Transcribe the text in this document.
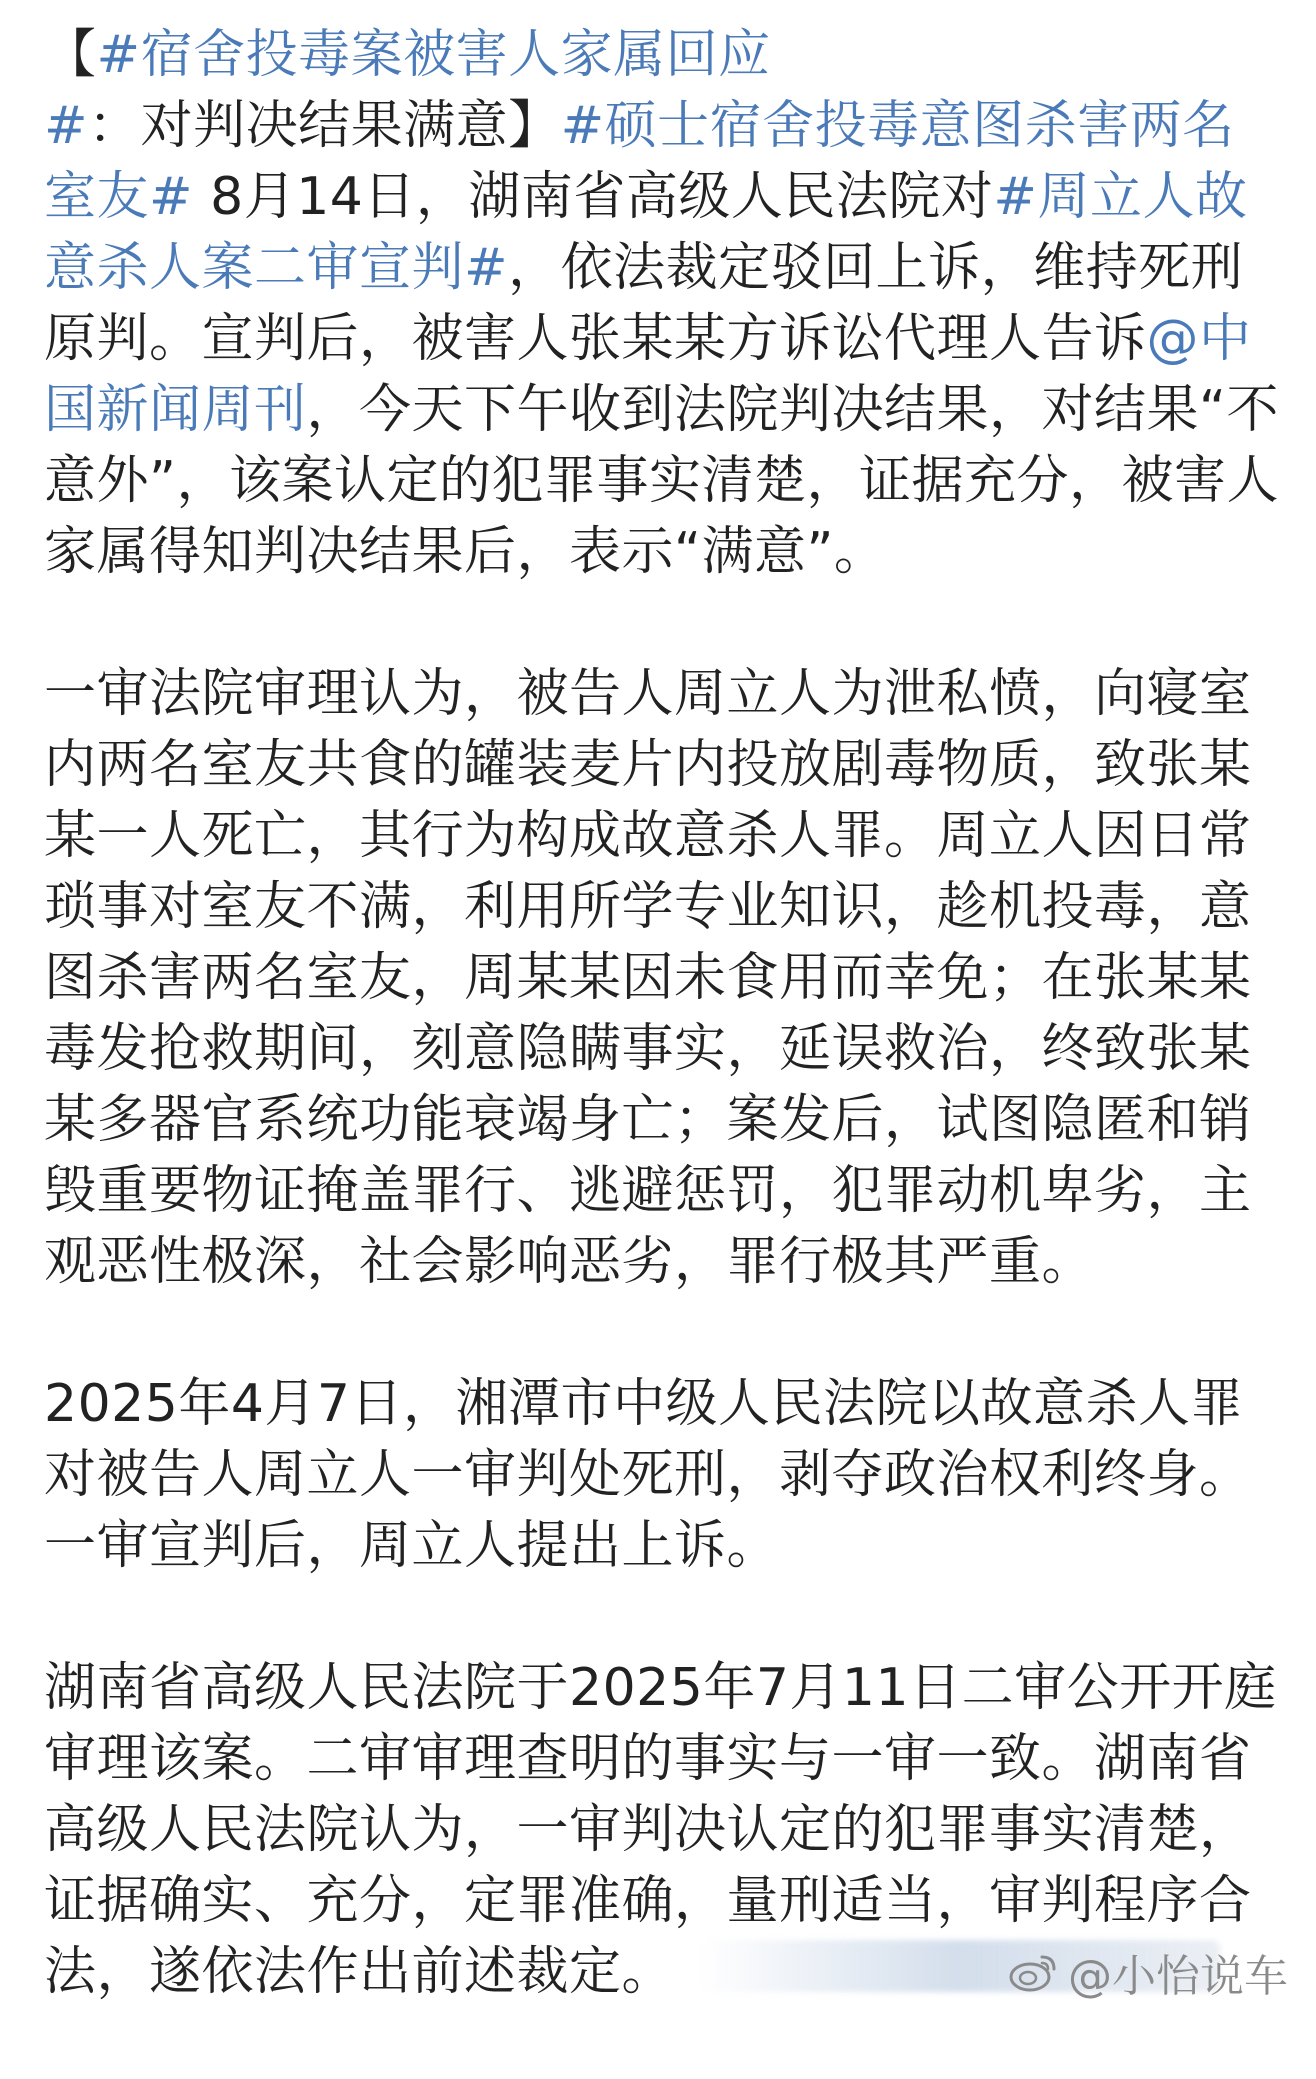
【#宿舍投毒案被害人家属回应#：对判决结果满意】#硕士宿舍投毒意图杀害两名室友# 8月14日，湖南省高级人民法院对#周立人故意杀人案二审宣判#，依法裁定驳回上诉，维持死刑原判。宣判后，被害人张某某方诉讼代理人告诉@中国新闻周刊，今天下午收到法院判决结果，对结果“不意外”，该案认定的犯罪事实清楚，证据充分，被害人家属得知判决结果后，表示“满意”。

一审法院审理认为，被告人周立人为泄私愤，向寝室内两名室友共食的罐装麦片内投放剧毒物质，致张某某一人死亡，其行为构成故意杀人罪。周立人因日常琐事对室友不满，利用所学专业知识，趁机投毒，意图杀害两名室友，周某某因未食用而幸免；在张某某毒发抢救期间，刻意隐瞒事实，延误救治，终致张某某多器官系统功能衰竭身亡；案发后，试图隐匿和销毁重要物证掩盖罪行、逃避惩罚，犯罪动机卑劣，主观恶性极深，社会影响恶劣，罪行极其严重。

2025年4月7日，湘潭市中级人民法院以故意杀人罪对被告人周立人一审判处死刑，剥夺政治权利终身。一审宣判后，周立人提出上诉。

湖南省高级人民法院于2025年7月11日二审公开开庭审理该案。二审审理查明的事实与一审一致。湖南省高级人民法院认为，一审判决认定的犯罪事实清楚，证据确实、充分，定罪准确，量刑适当，审判程序合法，遂依法作出前述裁定。

@小怡说车
